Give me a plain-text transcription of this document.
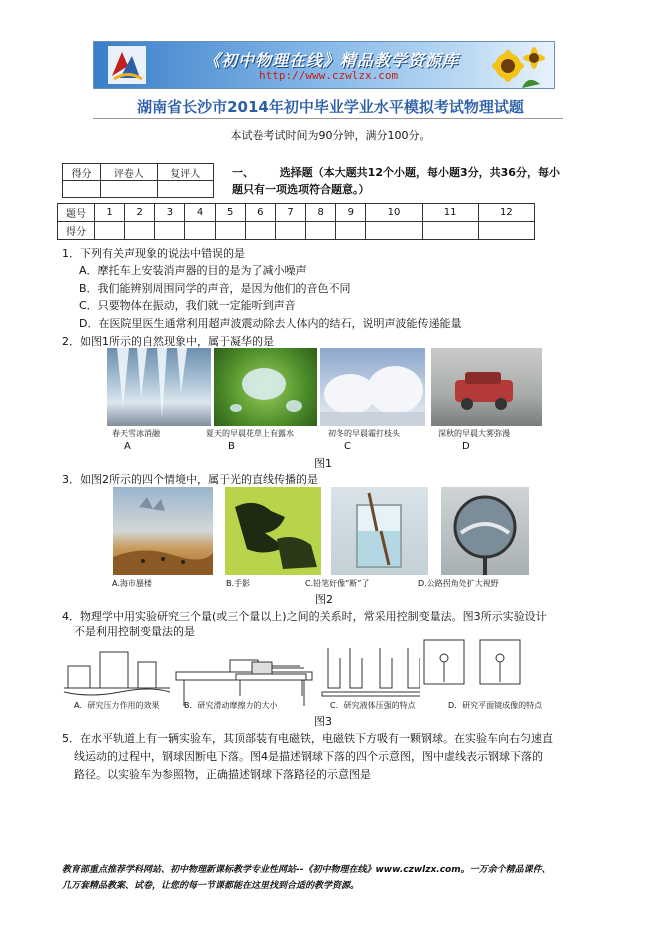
《初中物理在线》精品教学资源库
http://www.czwlzx.com
湖南省长沙市2014年初中毕业学业水平模拟考试物理试题
本试卷考试时间为90分钟，满分100分。
得分	评卷人	复评人
			一、 选择题（本大题共12个小题，每小题3分，共36分，每小题只有一项选项符合题意。）
题号	1	2	3	4	5	6	7	8	9	10	11	12
得分												
1．下列有关声现象的说法中错误的是
A．摩托车上安装消声器的目的是为了减小噪声
B．我们能辨别周围同学的声音，是因为他们的音色不同
C．只要物体在振动，我们就一定能听到声音
D．在医院里医生通常利用超声波震动除去人体内的结石，说明声波能传递能量
2．如图1所示的自然现象中，属于凝华的是
春天雪冰消融	夏天的早晨花草上有露水	初冬的早晨霜打枝头	深秋的早晨大雾弥漫
A	B	C	D
图1
3．如图2所示的四个情境中，属于光的直线传播的是
A.海市蜃楼	B.手影	C.铅笔好像“断”了	D.公路拐角处扩大视野
图2
4．物理学中用实验研究三个量(或三个量以上)之间的关系时，常采用控制变量法。图3所示实验设计
不是利用控制变量法的是
A．研究压力作用的效果	B．研究滑动摩擦力的大小	C．研究液体压强的特点	D．研究平面镜成像的特点
图3
5．在水平轨道上有一辆实验车，其顶部装有电磁铁，电磁铁下方吸有一颗钢球。在实验车向右匀速直
线运动的过程中，钢球因断电下落。图4是描述钢球下落的四个示意图，图中虚线表示钢球下落的
路径。以实验车为参照物，正确描述钢球下落路径的示意图是
教育部重点推荐学科网站、初中物理新课标教学专业性网站--《初中物理在线》www.czwlzx.com。一万余个精品课件、
几万套精品教案、试卷，让您的每一节课都能在这里找到合适的教学资源。
